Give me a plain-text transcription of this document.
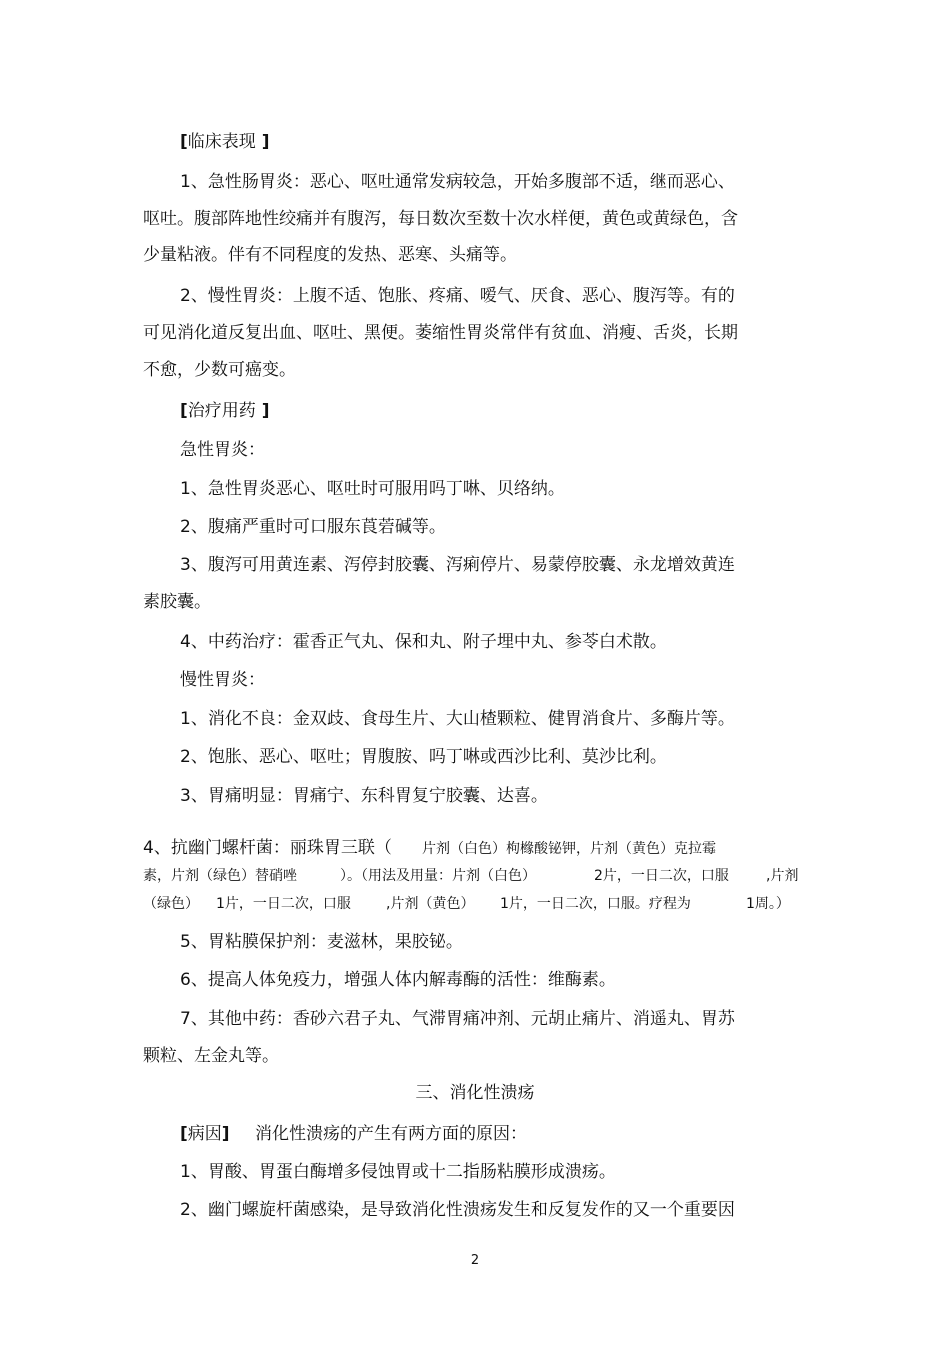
[临床表现 ]
1、急性肠胃炎：恶心、呕吐通常发病较急，开始多腹部不适，继而恶心、
呕吐。腹部阵地性绞痛并有腹泻，每日数次至数十次水样便，黄色或黄绿色，含
少量粘液。伴有不同程度的发热、恶寒、头痛等。
2、慢性胃炎：上腹不适、饱胀、疼痛、嗳气、厌食、恶心、腹泻等。有的
可见消化道反复出血、呕吐、黑便。萎缩性胃炎常伴有贫血、消瘦、舌炎，长期
不愈，少数可癌变。
[治疗用药 ]
急性胃炎：
1、急性胃炎恶心、呕吐时可服用吗丁啉、贝络纳。
2、腹痛严重时可口服东莨菪碱等。
3、腹泻可用黄连素、泻停封胶囊、泻痢停片、易蒙停胶囊、永龙增效黄连
素胶囊。
4、中药治疗：霍香正气丸、保和丸、附子埋中丸、参苓白术散。
慢性胃炎：
1、消化不良：金双歧、食母生片、大山楂颗粒、健胃消食片、多酶片等。
2、饱胀、恶心、呕吐；胃腹胺、吗丁啉或西沙比利、莫沙比利。
3、胃痛明显：胃痛宁、东科胃复宁胶囊、达喜。
4、抗幽门螺杆菌：丽珠胃三联（ 片剂（白色）枸橼酸铋钾，片剂（黄色）克拉霉
素，片剂（绿色）替硝唑	）。（用法及用量：片剂（白色）	2片，一日二次，口服	,片剂
（绿色） 1片，一日二次，口服	,片剂（黄色） 1片，一日二次，口服。疗程为	1周。）
5、胃粘膜保护剂：麦滋林，果胶铋。
6、提高人体免疫力，增强人体内解毒酶的活性：维酶素。
7、其他中药：香砂六君子丸、气滞胃痛冲剂、元胡止痛片、消遥丸、胃苏
颗粒、左金丸等。
三、消化性溃疡
[病因] 消化性溃疡的产生有两方面的原因：
1、胃酸、胃蛋白酶增多侵蚀胃或十二指肠粘膜形成溃疡。
2、幽门螺旋杆菌感染，是导致消化性溃疡发生和反复发作的又一个重要因
2
